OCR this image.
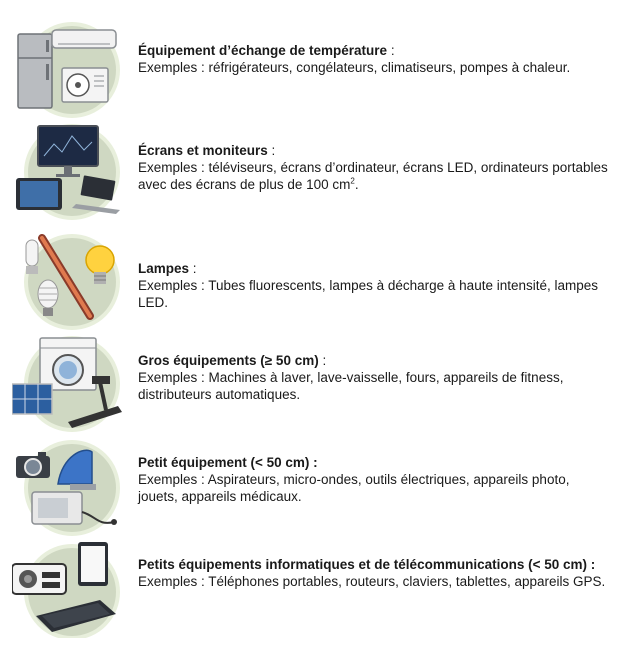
Équipement d’échange de température :
Exemples : réfrigérateurs, congélateurs, climatiseurs, pompes à chaleur.
Écrans et moniteurs :
Exemples : téléviseurs, écrans d’ordinateur, écrans LED, ordinateurs portables avec des écrans de plus de 100 $cm^2$.
Lampes :
Exemples : Tubes fluorescents, lampes à décharge à haute intensité, lampes LED.
Gros équipements (≥ 50 cm) :
Exemples : Machines à laver, lave-vaisselle, fours, appareils de fitness, distributeurs automatiques.
Petit équipement (< 50 cm) :
Exemples : Aspirateurs, micro-ondes, outils électriques, appareils photo, jouets, appareils médicaux.
Petits équipements informatiques et de télécommunications (< 50 cm) :
Exemples : Téléphones portables, routeurs, claviers, tablettes, appareils GPS.
